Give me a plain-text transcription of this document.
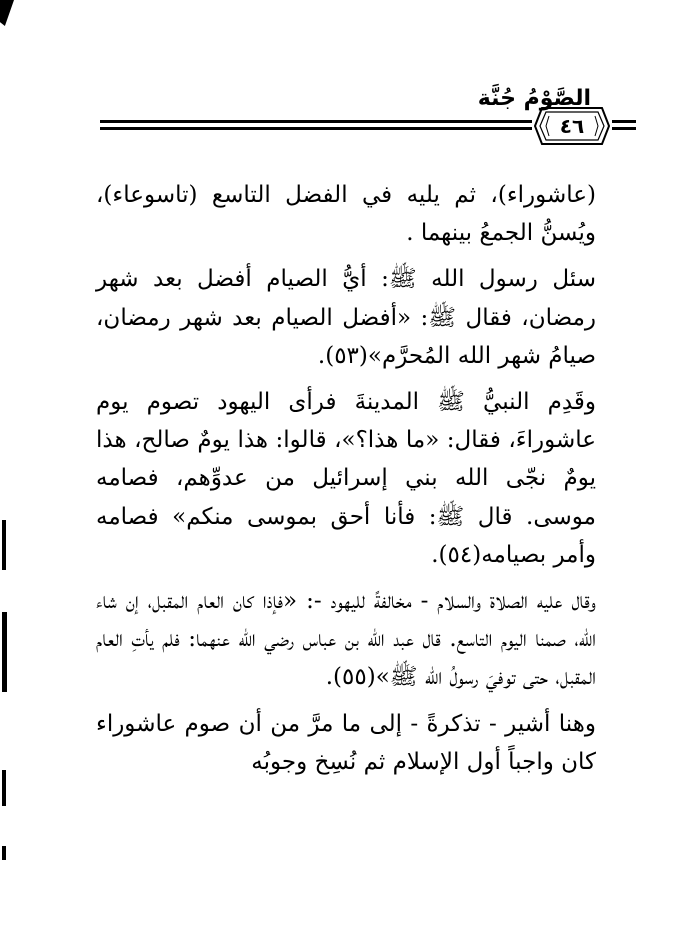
الصَّوْمُ جُنَّة
٤٦

(عاشوراء)، ثم يليه في الفضل التاسع (تاسوعاء)، ويُسنُّ الجمعُ بينهما .

سئل رسول الله ﷺ: أيُّ الصيام أفضل بعد شهر رمضان، فقال ﷺ: «أفضل الصيام بعد شهر رمضان، صيامُ شهر الله المُحرَّم»(٥٣).

وقَدِم النبيُّ ﷺ المدينةَ فرأى اليهود تصوم يوم عاشوراءَ، فقال: «ما هذا؟»، قالوا: هذا يومٌ صالح، هذا يومٌ نجّى الله بني إسرائيل من عدوِّهم، فصامه موسى. قال ﷺ: فأنا أحق بموسى منكم» فصامه وأمر بصيامه(٥٤).

وقال عليه الصلاة والسلام - مخالفةً لليهود -: «فإذا كان العام المقبل، إن شاء الله، صمنا اليوم التاسع. قال عبد الله بن عباس رضي الله عنهما: فلم يأتِ العام المقبل، حتى توفيَ رسولُ الله ﷺ»(٥٥).

وهنا أشير - تذكرةً - إلى ما مرَّ من أن صوم عاشوراء كان واجباً أول الإسلام ثم نُسِخ وجوبُه
